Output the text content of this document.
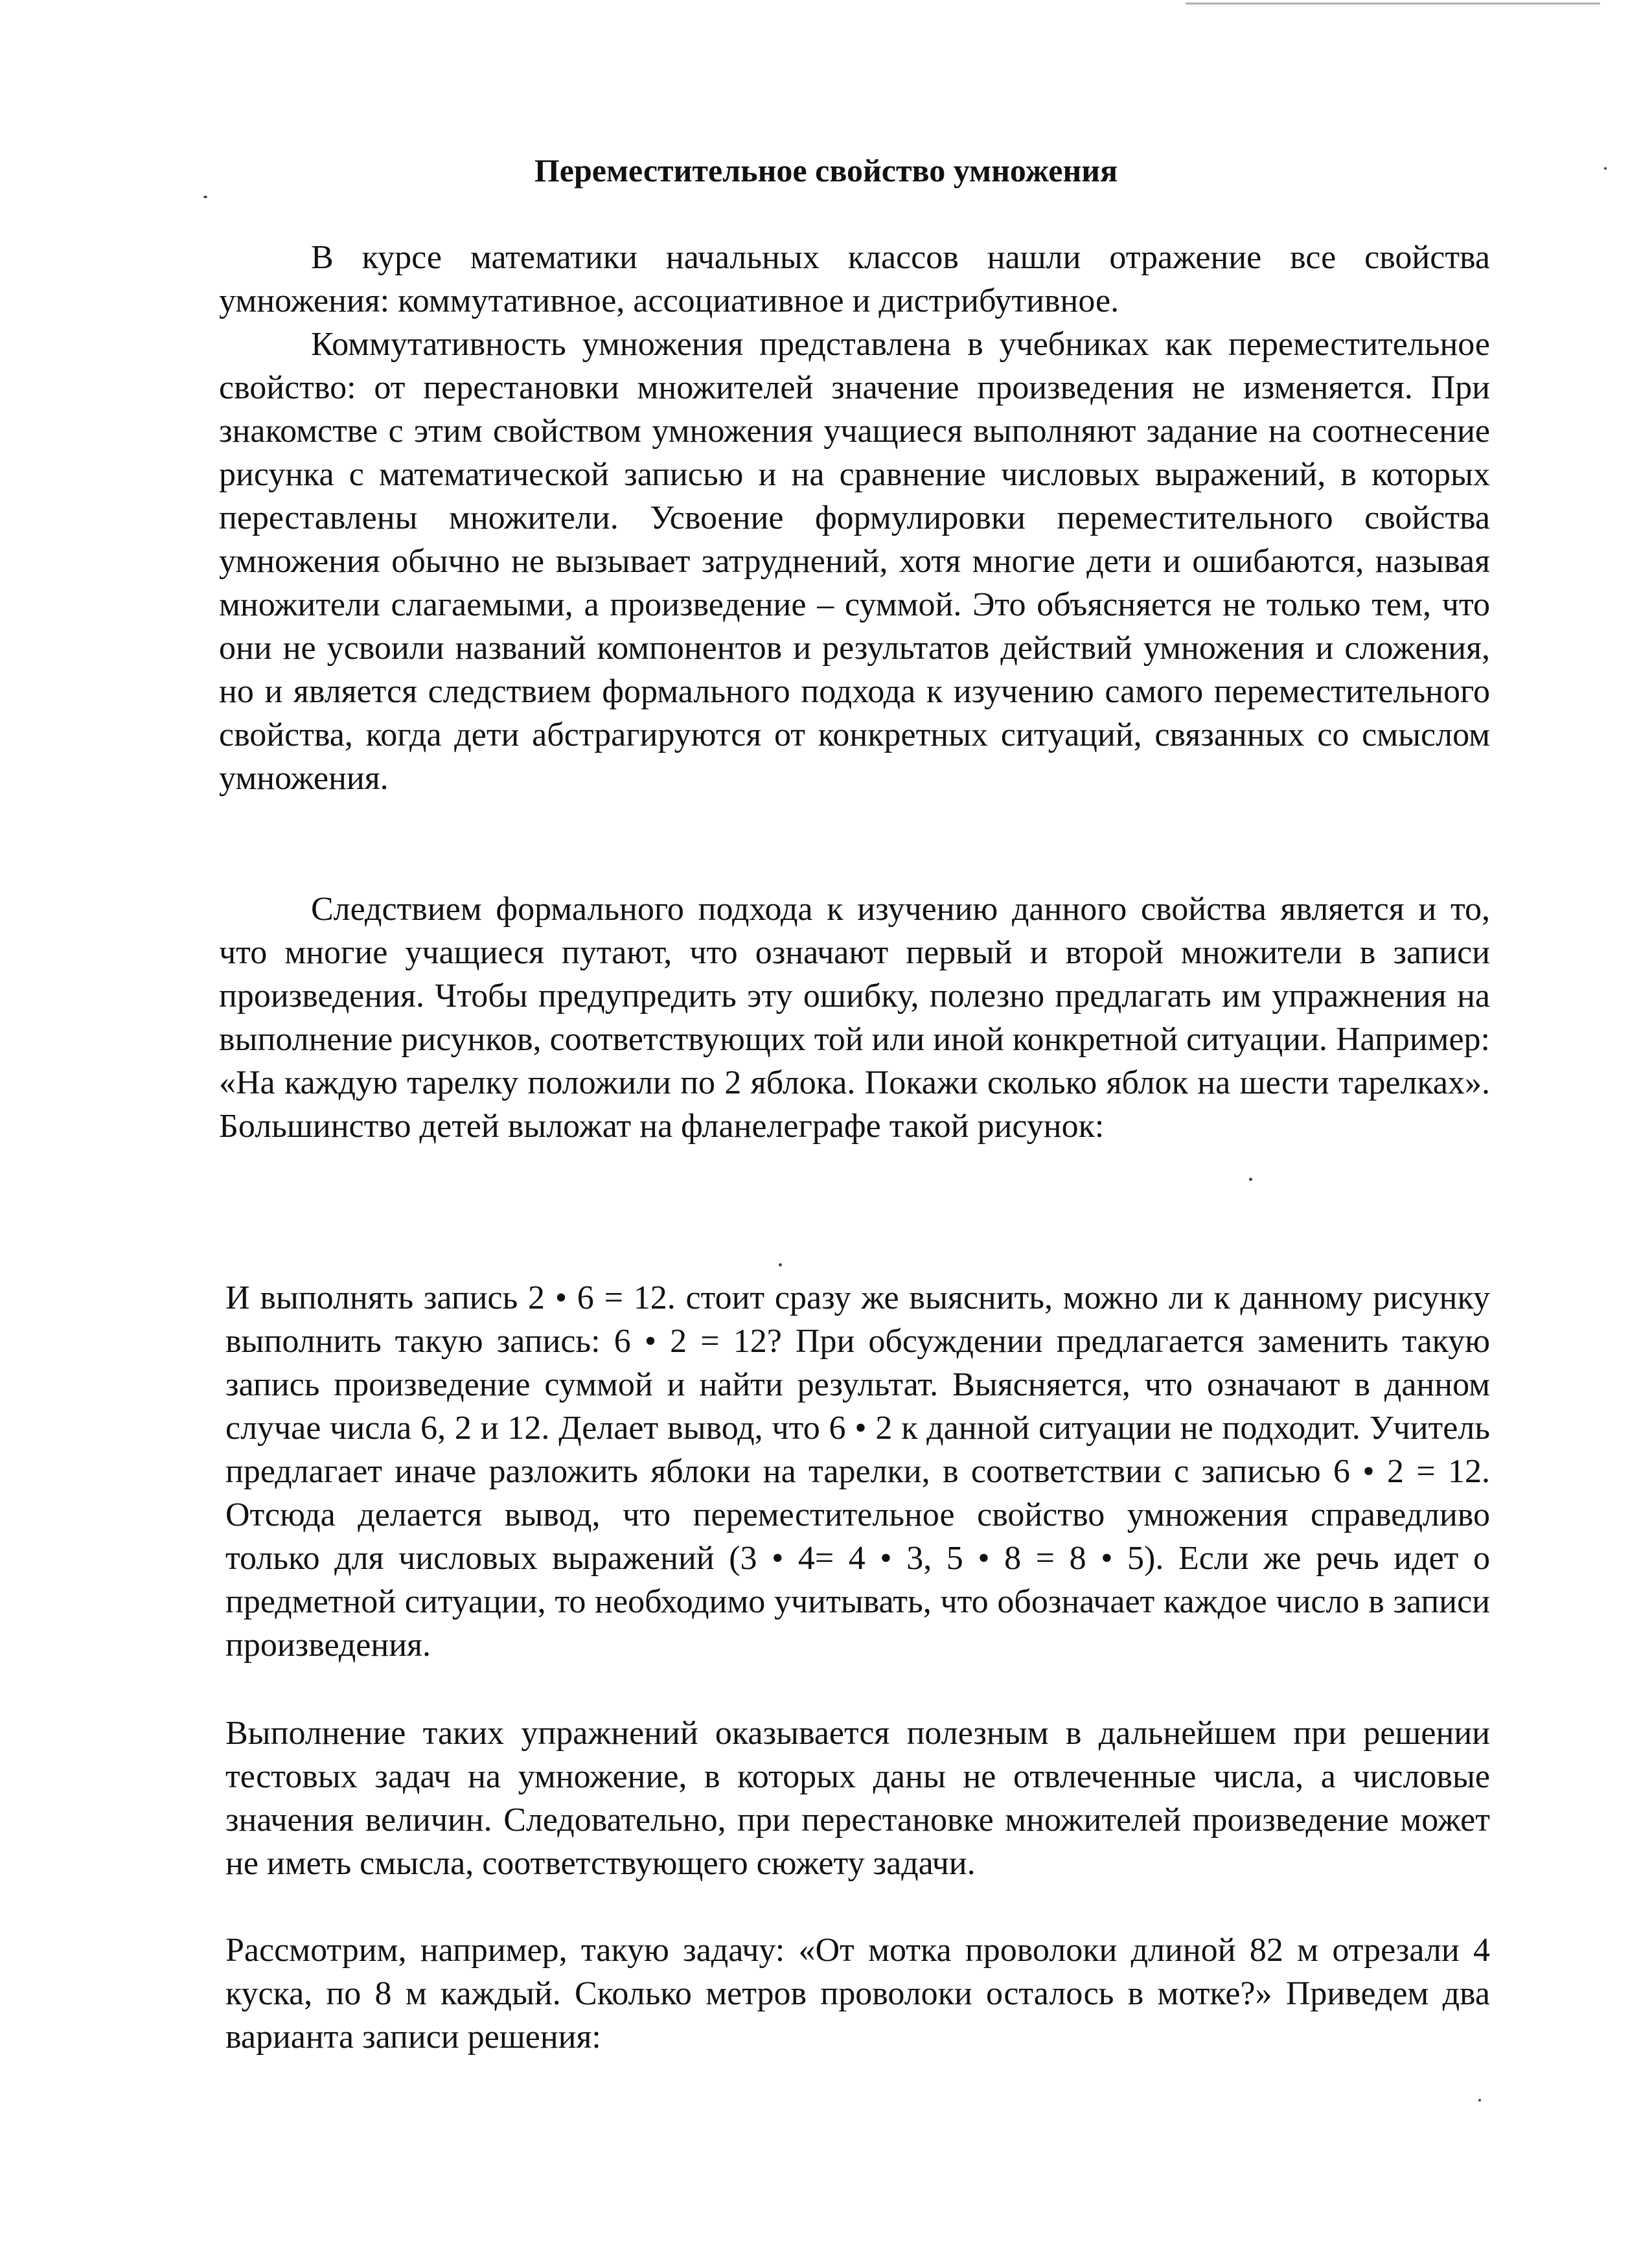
Переместительное свойство умножения

В курсе математики начальных классов нашли отражение все свойства умножения: коммутативное, ассоциативное и дистрибутивное.

Коммутативность умножения представлена в учебниках как переместительное свойство: от перестановки множителей значение произведения не изменяется. При знакомстве с этим свойством умножения учащиеся выполняют задание на соотнесение рисунка с математической записью и на сравнение числовых выражений, в которых переставлены множители. Усвоение формулировки переместительного свойства умножения обычно не вызывает затруднений, хотя многие дети и ошибаются, называя множители слагаемыми, а произведение – суммой. Это объясняется не только тем, что они не усвоили названий компонентов и результатов действий умножения и сложения, но и является следствием формального подхода к изучению самого переместительного свойства, когда дети абстрагируются от конкретных ситуаций, связанных со смыслом умножения.

Следствием формального подхода к изучению данного свойства является и то, что многие учащиеся путают, что означают первый и второй множители в записи произведения. Чтобы предупредить эту ошибку, полезно предлагать им упражнения на выполнение рисунков, соответствующих той или иной конкретной ситуации. Например: «На каждую тарелку положили по 2 яблока. Покажи сколько яблок на шести тарелках». Большинство детей выложат на фланелеграфе такой рисунок:

И выполнять запись 2 • 6 = 12. стоит сразу же выяснить, можно ли к данному рисунку выполнить такую запись: 6 • 2 = 12? При обсуждении предлагается заменить такую запись произведение суммой и найти результат. Выясняется, что означают в данном случае числа 6, 2 и 12. Делает вывод, что 6 • 2 к данной ситуации не подходит. Учитель предлагает иначе разложить яблоки на тарелки, в соответствии с записью 6 • 2 = 12. Отсюда делается вывод, что переместительное свойство умножения справедливо только для числовых выражений (3 • 4= 4 • 3, 5 • 8 = 8 • 5). Если же речь идет о предметной ситуации, то необходимо учитывать, что обозначает каждое число в записи произведения.

Выполнение таких упражнений оказывается полезным в дальнейшем при решении тестовых задач на умножение, в которых даны не отвлеченные числа, а числовые значения величин. Следовательно, при перестановке множителей произведение может не иметь смысла, соответствующего сюжету задачи.

Рассмотрим, например, такую задачу: «От мотка проволоки длиной 82 м отрезали 4 куска, по 8 м каждый. Сколько метров проволоки осталось в мотке?» Приведем два варианта записи решения:
